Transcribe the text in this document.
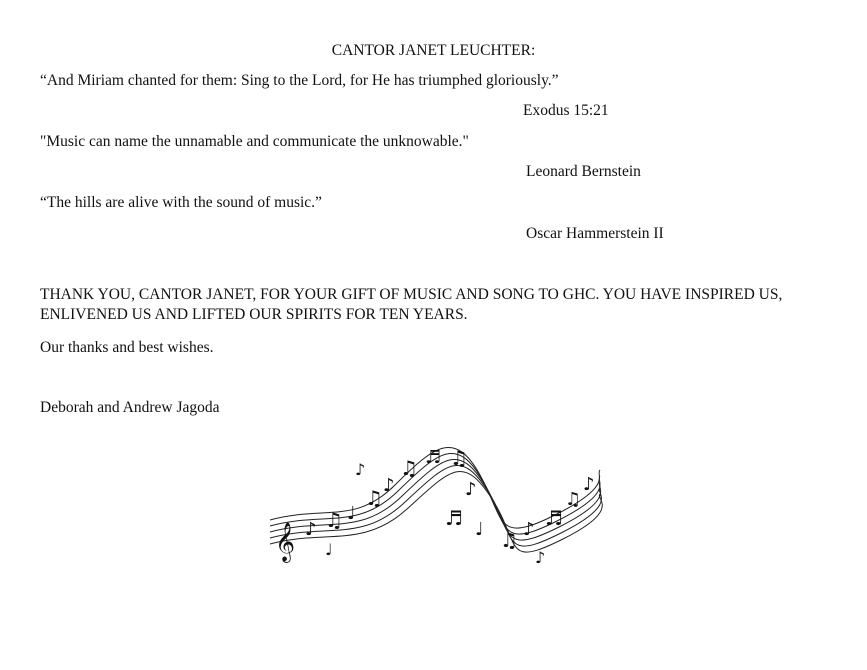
CANTOR JANET LEUCHTER:
“And Miriam chanted for them: Sing to the Lord, for He has triumphed gloriously.”
Exodus 15:21
"Music can name the unnamable and communicate the unknowable."
Leonard Bernstein
“The hills are alive with the sound of music.”
Oscar Hammerstein II
THANK YOU, CANTOR JANET, FOR YOUR GIFT OF MUSIC AND SONG TO GHC. YOU HAVE INSPIRED US, ENLIVENED US AND LIFTED OUR SPIRITS FOR TEN YEARS.
Our thanks and best wishes.
Deborah and Andrew Jagoda
𝄞 ♪ ♫ ♩
♫
♪
♫ ♬ ♫
♪
♬ ♩ ♫ ♪ ♬
♫
♪
♪
♩	♪
